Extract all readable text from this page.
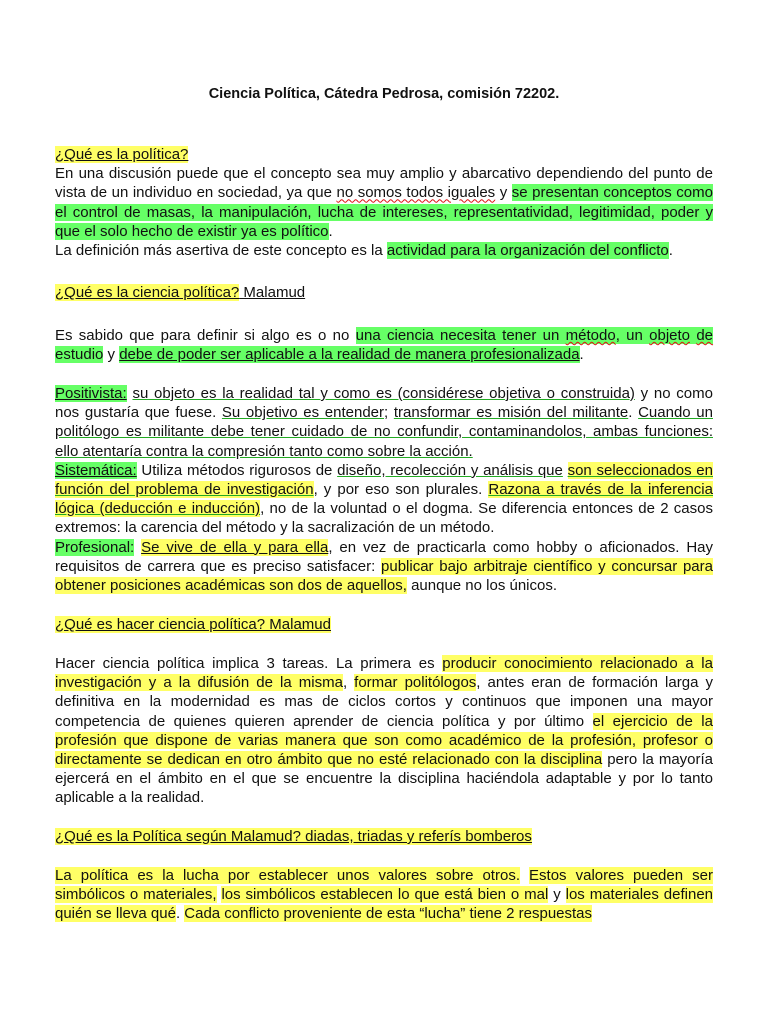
Ciencia Política, Cátedra Pedrosa, comisión 72202.

¿Qué es la política?

En una discusión puede que el concepto sea muy amplio y abarcativo dependiendo del punto de vista de un individuo en sociedad, ya que no somos todos iguales y se presentan conceptos como el control de masas, la manipulación, lucha de intereses, representatividad, legitimidad, poder y que el solo hecho de existir ya es político.

La definición más asertiva de este concepto es la actividad para la organización del conflicto.

¿Qué es la ciencia política? Malamud

Es sabido que para definir si algo es o no una ciencia necesita tener un método, un objeto de estudio y debe de poder ser aplicable a la realidad de manera profesionalizada.

Positivista: su objeto es la realidad tal y como es (considérese objetiva o construida) y no como nos gustaría que fuese. Su objetivo es entender; transformar es misión del militante. Cuando un politólogo es militante debe tener cuidado de no confundir, contaminandolos, ambas funciones: ello atentaría contra la compresión tanto como sobre la acción.

Sistemática: Utiliza métodos rigurosos de diseño, recolección y análisis que son seleccionados en función del problema de investigación, y por eso son plurales. Razona a través de la inferencia lógica (deducción e inducción), no de la voluntad o el dogma. Se diferencia entonces de 2 casos extremos: la carencia del método y la sacralización de un método.

Profesional: Se vive de ella y para ella, en vez de practicarla como hobby o aficionados. Hay requisitos de carrera que es preciso satisfacer: publicar bajo arbitraje científico y concursar para obtener posiciones académicas son dos de aquellos, aunque no los únicos.

¿Qué es hacer ciencia política? Malamud

Hacer ciencia política implica 3 tareas. La primera es producir conocimiento relacionado a la investigación y a la difusión de la misma, formar politólogos, antes eran de formación larga y definitiva en la modernidad es mas de ciclos cortos y continuos que imponen una mayor competencia de quienes quieren aprender de ciencia política y por último el ejercicio de la profesión que dispone de varias manera que son como académico de la profesión, profesor o directamente se dedican en otro ámbito que no esté relacionado con la disciplina pero la mayoría ejercerá en el ámbito en el que se encuentre la disciplina haciéndola adaptable y por lo tanto aplicable a la realidad.

¿Qué es la Política según Malamud? diadas, triadas y referís bomberos

La política es la lucha por establecer unos valores sobre otros. Estos valores pueden ser simbólicos o materiales, los simbólicos establecen lo que está bien o mal y los materiales definen quién se lleva qué. Cada conflicto proveniente de esta “lucha” tiene 2 respuestas
